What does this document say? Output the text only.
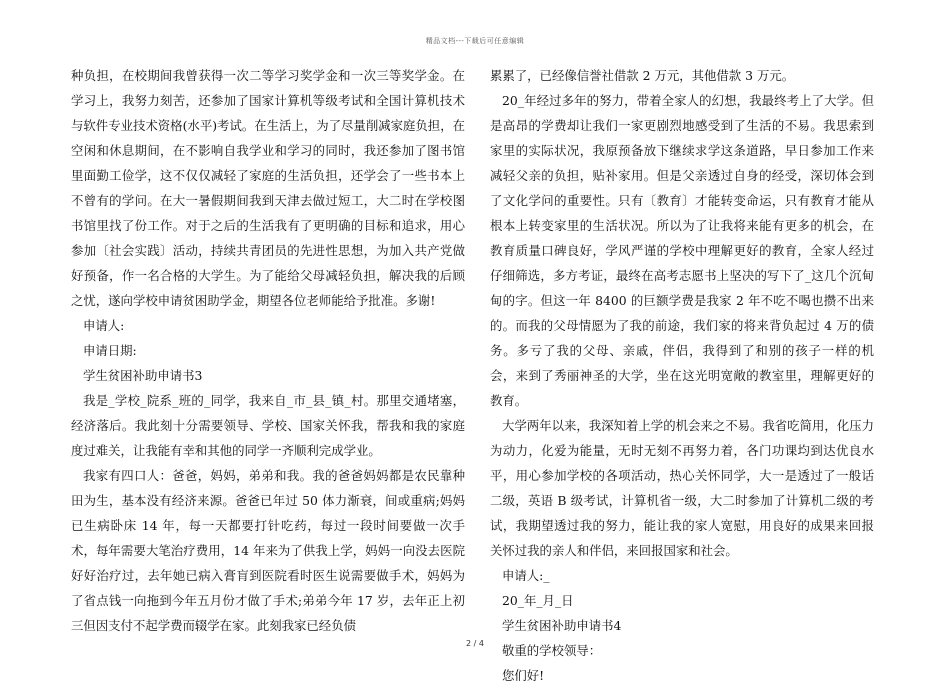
精品文档---下载后可任意编辑

种负担，在校期间我曾获得一次二等学习奖学金和一次三等奖学金。在学习上，我努力刻苦，还参加了国家计算机等级考试和全国计算机技术与软件专业技术资格(水平)考试。在生活上，为了尽量削减家庭负担，在空闲和休息期间，在不影响自我学业和学习的同时，我还参加了图书馆里面勤工俭学，这不仅仅减轻了家庭的生活负担，还学会了一些书本上不曾有的学问。在大一暑假期间我到天津去做过短工，大二时在学校图书馆里找了份工作。对于之后的生活我有了更明确的目标和追求，用心参加〔社会实践〕活动，持续共青团员的先进性思想，为加入共产党做好预备，作一名合格的大学生。为了能给父母减轻负担，解决我的后顾之忧，遂向学校申请贫困助学金，期望各位老师能给予批准。多谢!

申请人:

申请日期:

学生贫困补助申请书3

我是_学校_院系_班的_同学，我来自_市_县_镇_村。那里交通堵塞，经济落后。我此刻十分需要领导、学校、国家关怀我，帮我和我的家庭度过难关，让我能有幸和其他的同学一齐顺利完成学业。

我家有四口人：爸爸，妈妈，弟弟和我。我的爸爸妈妈都是农民靠种田为生，基本没有经济来源。爸爸已年过 50 体力渐衰，间或重病;妈妈已生病卧床 14 年，每一天都要打针吃药，每过一段时间要做一次手术，每年需要大笔治疗费用，14 年来为了供我上学，妈妈一向没去医院好好治疗过，去年她已病入膏肓到医院看时医生说需要做手术，妈妈为了省点钱一向拖到今年五月份才做了手术;弟弟今年 17 岁，去年正上初三但因支付不起学费而辍学在家。此刻我家已经负债

累累了，已经像信誉社借款 2 万元，其他借款 3 万元。

20_年经过多年的努力，带着全家人的幻想，我最终考上了大学。但是高昂的学费却让我们一家更剧烈地感受到了生活的不易。我思索到家里的实际状况，我原预备放下继续求学这条道路，早日参加工作来减轻父亲的负担，贴补家用。但是父亲透过自身的经受，深切体会到了文化学问的重要性。只有〔教育〕才能转变命运，只有教育才能从根本上转变家里的生活状况。所以为了让我将来能有更多的机会，在教育质量口碑良好，学风严谨的学校中理解更好的教育，全家人经过仔细筛选，多方考证，最终在高考志愿书上坚决的写下了_这几个沉甸甸的字。但这一年 8400 的巨额学费是我家 2 年不吃不喝也攒不出来的。而我的父母情愿为了我的前途，我们家的将来背负起过 4 万的债务。多亏了我的父母、亲戚，伴侣，我得到了和别的孩子一样的机会，来到了秀丽神圣的大学，坐在这光明宽敞的教室里，理解更好的教育。

大学两年以来，我深知着上学的机会来之不易。我省吃简用，化压力为动力，化爱为能量，无时无刻不再努力着，各门功课均到达优良水平，用心参加学校的各项活动，热心关怀同学，大一是透过了一般话二级，英语 B 级考试，计算机省一级，大二时参加了计算机二级的考试，我期望透过我的努力，能让我的家人宽慰，用良好的成果来回报关怀过我的亲人和伴侣，来回报国家和社会。

申请人:_

20_年_月_日

学生贫困补助申请书4

敬重的学校领导：

您们好!

2 / 4
